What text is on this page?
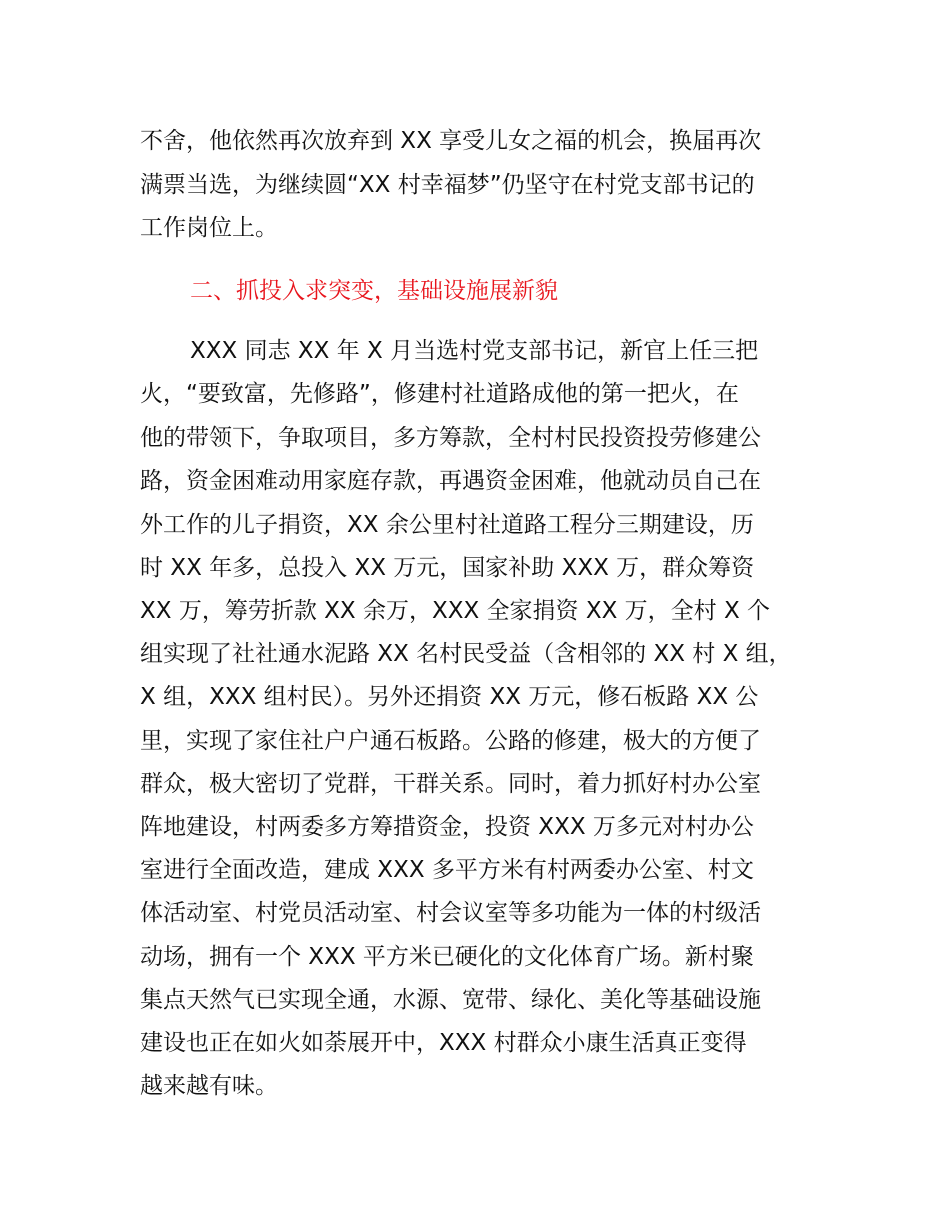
不舍，他依然再次放弃到 XX 享受儿女之福的机会，换届再次
满票当选，为继续圆“XX 村幸福梦”仍坚守在村党支部书记的
工作岗位上。
二、抓投入求突变，基础设施展新貌
XXX 同志 XX 年 X 月当选村党支部书记，新官上任三把
火，“要致富，先修路”，修建村社道路成他的第一把火，在
他的带领下，争取项目，多方筹款，全村村民投资投劳修建公
路，资金困难动用家庭存款，再遇资金困难，他就动员自己在
外工作的儿子捐资，XX 余公里村社道路工程分三期建设，历
时 XX 年多，总投入 XX 万元，国家补助 XXX 万，群众筹资
XX 万，筹劳折款 XX 余万，XXX 全家捐资 XX 万，全村 X 个
组实现了社社通水泥路 XX 名村民受益（含相邻的 XX 村 X 组，
X 组，XXX 组村民）。另外还捐资 XX 万元，修石板路 XX 公
里，实现了家住社户户通石板路。公路的修建，极大的方便了
群众，极大密切了党群，干群关系。同时，着力抓好村办公室
阵地建设，村两委多方筹措资金，投资 XXX 万多元对村办公
室进行全面改造，建成 XXX 多平方米有村两委办公室、村文
体活动室、村党员活动室、村会议室等多功能为一体的村级活
动场，拥有一个 XXX 平方米已硬化的文化体育广场。新村聚
集点天然气已实现全通，水源、宽带、绿化、美化等基础设施
建设也正在如火如荼展开中，XXX 村群众小康生活真正变得
越来越有味。
